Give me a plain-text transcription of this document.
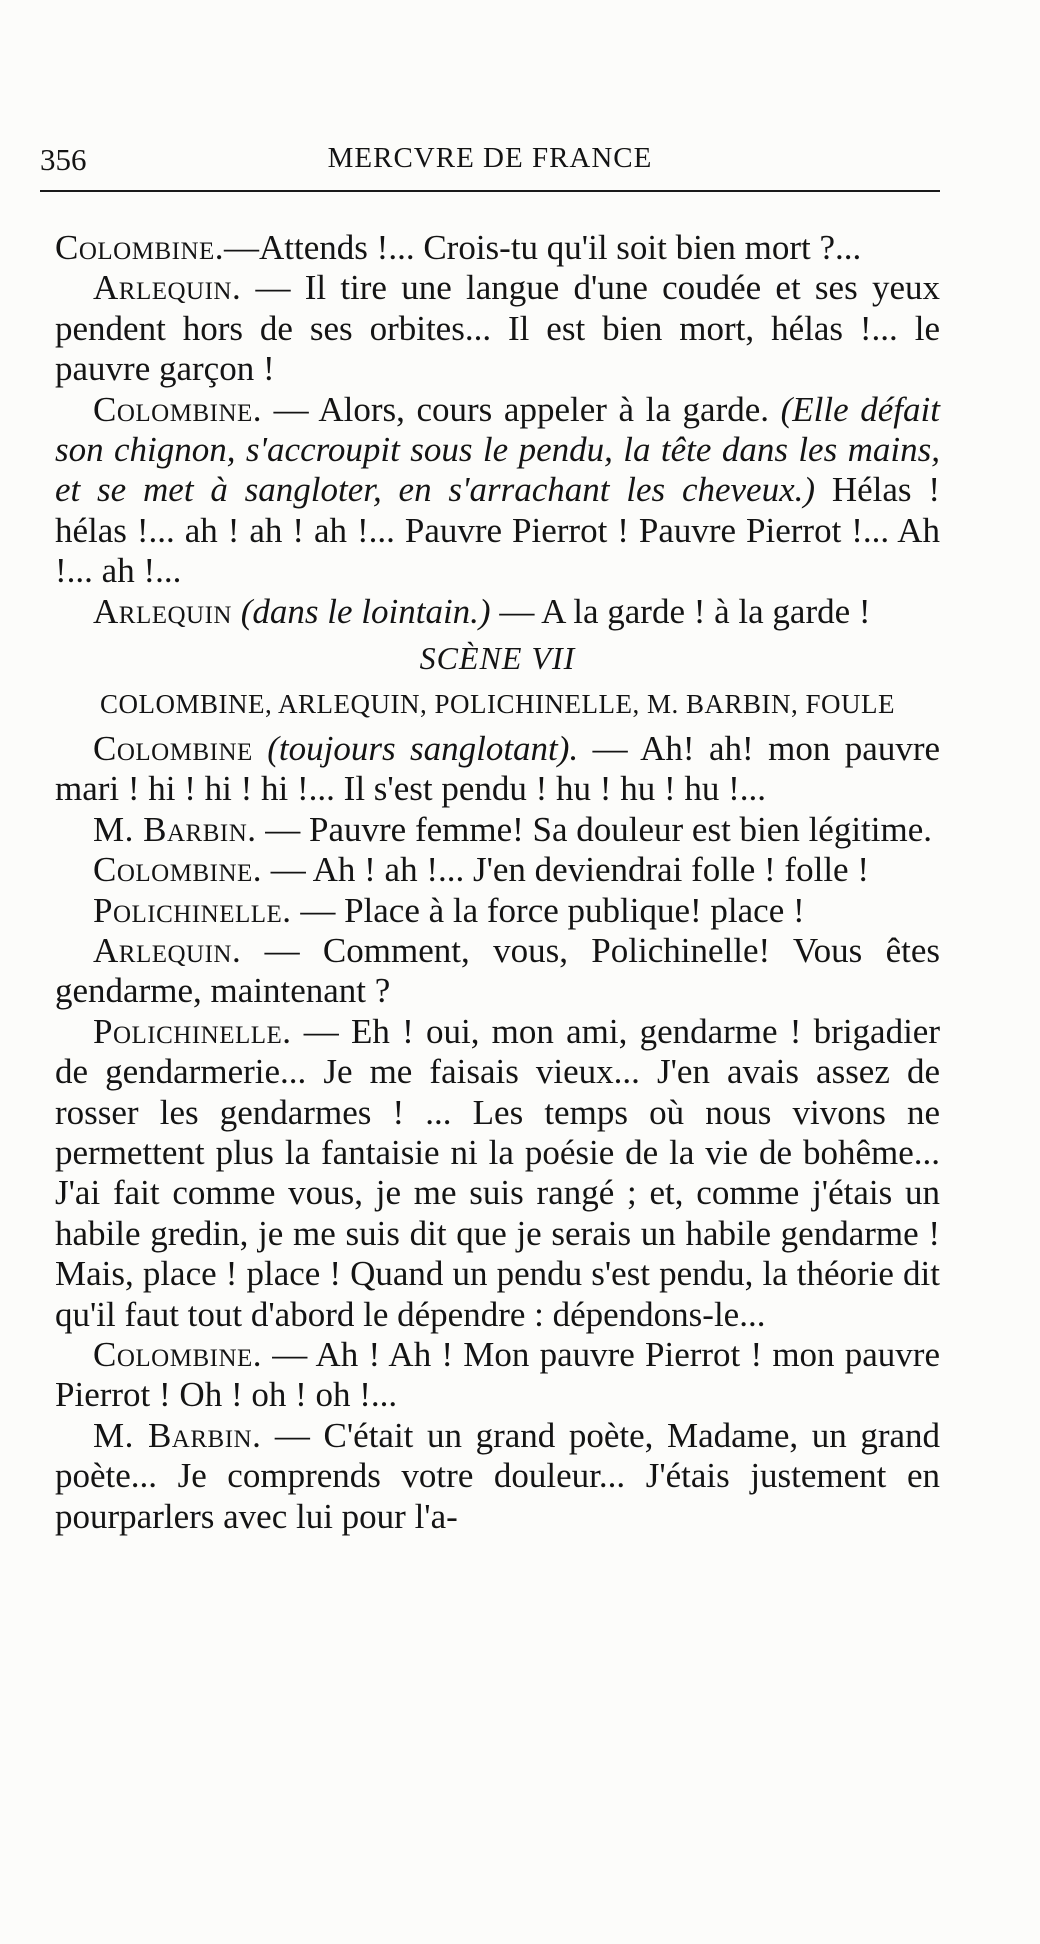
356	MERCVRE DE FRANCE

Colombine.—Attends !... Crois-tu qu'il soit bien mort ?...

Arlequin. — Il tire une langue d'une coudée et ses yeux pendent hors de ses orbites... Il est bien mort, hélas !... le pauvre garçon !

Colombine. — Alors, cours appeler à la garde. (Elle défait son chignon, s'accroupit sous le pendu, la tête dans les mains, et se met à sangloter, en s'arrachant les cheveux.) Hélas ! hélas !... ah ! ah ! ah !... Pauvre Pierrot ! Pauvre Pierrot !... Ah !... ah !...

Arlequin (dans le lointain.) — A la garde ! à la garde !

SCÈNE VII

COLOMBINE, ARLEQUIN, POLICHINELLE, M. BARBIN, FOULE

Colombine (toujours sanglotant). — Ah! ah! mon pauvre mari ! hi ! hi ! hi !... Il s'est pendu ! hu ! hu ! hu !...

M. Barbin. — Pauvre femme! Sa douleur est bien légitime.

Colombine. — Ah ! ah !... J'en deviendrai folle ! folle !

Polichinelle. — Place à la force publique! place !

Arlequin. — Comment, vous, Polichinelle! Vous êtes gendarme, maintenant ?

Polichinelle. — Eh ! oui, mon ami, gendarme ! brigadier de gendarmerie... Je me faisais vieux... J'en avais assez de rosser les gendarmes ! ... Les temps où nous vivons ne permettent plus la fantaisie ni la poésie de la vie de bohême... J'ai fait comme vous, je me suis rangé ; et, comme j'étais un habile gredin, je me suis dit que je serais un habile gendarme ! Mais, place ! place ! Quand un pendu s'est pendu, la théorie dit qu'il faut tout d'abord le dépendre : dépendons-le...

Colombine. — Ah ! Ah ! Mon pauvre Pierrot ! mon pauvre Pierrot ! Oh ! oh ! oh !...

M. Barbin. — C'était un grand poète, Madame, un grand poète... Je comprends votre douleur... J'étais justement en pourparlers avec lui pour l'a-
